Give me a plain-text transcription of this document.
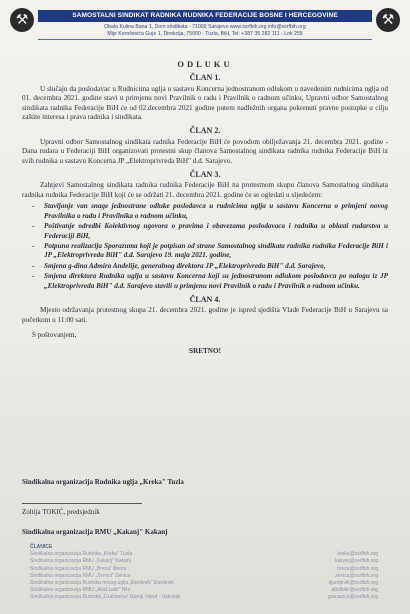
⚒	SAMOSTALNI SINDIKAT RADNIKA RUDNIKA FEDERACIJE BOSNE I HERCEGOVINE
Obala Kulina Bana 1, Dom sindikata - 71000 Sarajevo www.ssrfbih.org info@ssrfbih.org
Mije Keroševića Guje 1, Direkcija, 75000 - Tuzla, BiH, Tel: +387 35 282 111 - Lok 255
⚒
ODLUKU
ČLAN 1.

U slučaju da poslodavac u Rudnicima uglja u sastavu Koncerna jednostranom odlukom u navedenim rudnicima uglja od 01. decembra 2021. godine stavi u primjenu novi Pravilnik o radu i Pravilnik o radnom učinku, Upravni odbor Samostalnog sindikata radnika Federacije BiH će od 02.decembra 2021 godine putem nadležnih organa pokrenuti pravne postupke u cilju zaštite interesa i prava radnika i sindikata.

ČLAN 2.

Upravni odbor Samostalnog sindikata radnika Federacije BiH će povodom obilježavanja 21. decembra 2021. godine - Dana rudara u Federaciji BiH organizovati protestni skup članova Samostalnog sindikata radnika rudnika Federacije BiH iz svih rudnika u sastavu Koncerna JP „Elektroprivreda BiH" d.d. Sarajevo.

ČLAN 3.

Zahtjevi Samostalnog sindikata radnika rudnika Federacije BiH na protestnom skupu članova Samostalnog sindikata radnika rudnika Federacije BiH koji će se održati 21. decembra 2021. godine će se ogledati u sljedećem:

- Stavljanje van snage jednostrane odluke poslodavca u rudnicima uglja u sastavu Koncerna o primjeni novog Pravilnika o radu i Pravilnika o radnom učinku,
- Poštivanje odredbi Kolektivnog ugovora o pravima i obavezama poslodavaca i radnika u oblasti rudarstva u Federaciji BiH,
- Potpuna realizacija Sporazuma koji je potpisan od strane Samostalnog sindikata radnika rudnika Federacije BiH i JP „Elektroprivreda BiH" d.d. Sarajevo 19. maja 2021. godine,
- Smjena g-dina Admira Andelije, generalnog direktora JP „Elektroprivreda BiH" d.d. Sarajevo,
- Smjena direktora Rudnika uglja u sastavu Koncerna koji su jednostranom odlukom poslodavca po nalogu iz JP „Elektroprivreda BiH" d.d. Sarajevo stavili u primjenu novi Pravilnik o radu i Pravilnik o radnom učinku.
ČLAN 4.

Mjesto održavanja protestnog skupa 21. decembra 2021. godine je ispred sjedišta Vlade Federacije BiH u Sarajevu sa početkom u 11:00 sati.

S poštovanjem,

SRETNO!
Sindikalna organizacija Rudnika uglja „Kreka" Tuzla
Zoltija TOKIĆ, predsjednik
Sindikalna organizacija RMU „Kakanj" Kakanj
ČLANICE
Sindikalna organizacija Rudnika „Kreka" Tuzla	kreka@ssrfbih.org
Sindikalna organizacija RMU „Kakanj" Kakanj	kakanj@ssrfbih.org
Sindikalna organizacija RMU „Breza" Breza	breza@ssrfbih.org
Sindikalna organizacija RMU „Zenica" Zenica	zenica@ssrfbih.org
Sindikalna organizacija Rudnika mrkog uglja „Đurđevik" Đurđevik	djurdjevik@ssrfbih.org
Sindikalna organizacija RMU „Abid Lolić" Bila	abidlolic@ssrfbih.org
Sindikalna organizacija Rudnika „Gračanica" Gornji Vakuf - Uskoplje	gracanica@ssrfbih.org
